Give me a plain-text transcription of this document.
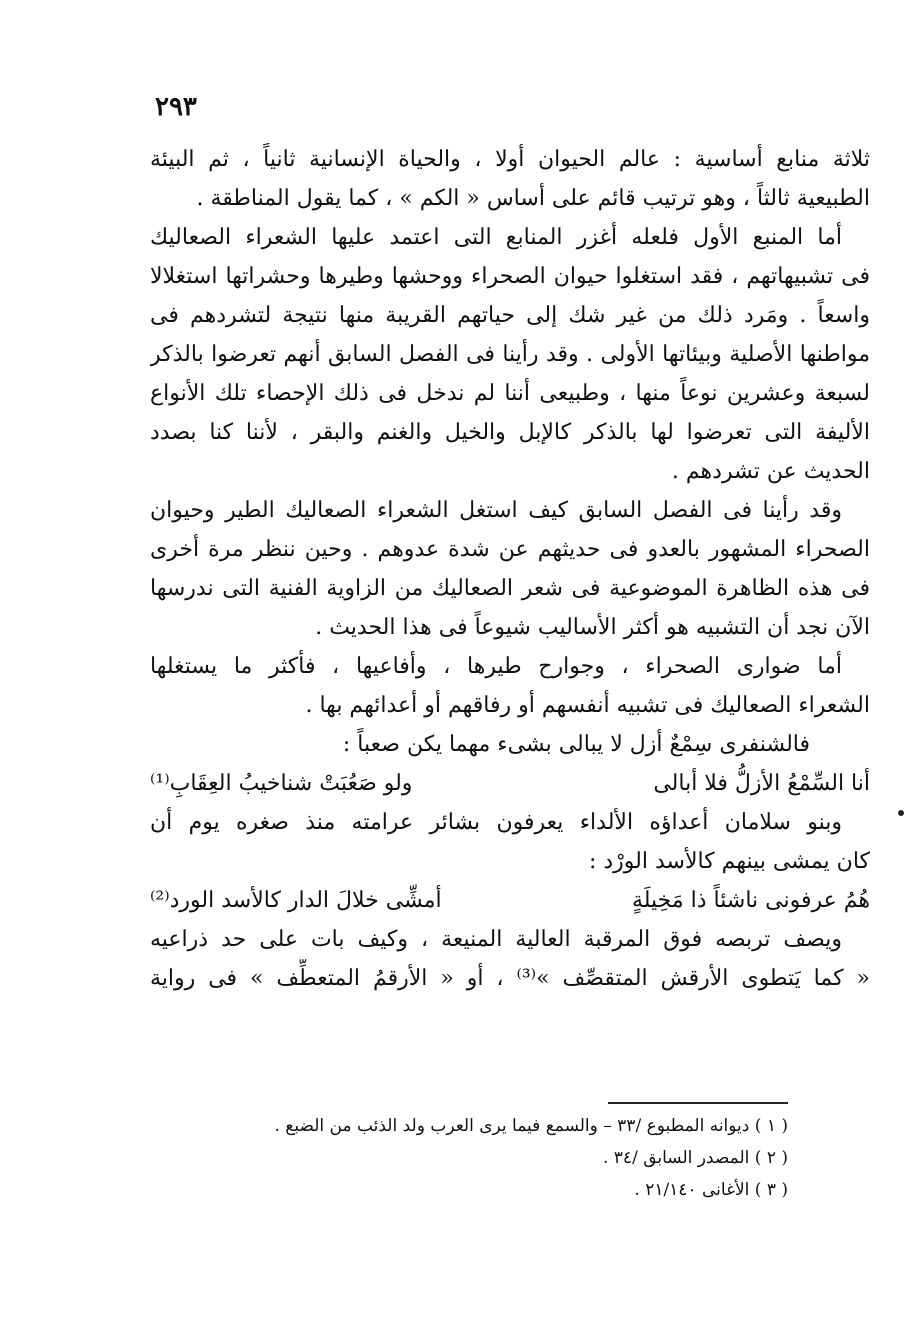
٢٩٣
ثلاثة منابع أساسية : عالم الحيوان أولا ، والحياة الإنسانية ثانياً ، ثم البيئة
الطبيعية ثالثاً ، وهو ترتيب قائم على أساس « الكم » ، كما يقول المناطقة .
أما المنبع الأول فلعله أغزر المنابع التى اعتمد عليها الشعراء الصعاليك
فى تشبيهاتهم ، فقد استغلوا حيوان الصحراء ووحشها وطيرها وحشراتها استغلالا
واسعاً . ومَرد ذلك من غير شك إلى حياتهم القريبة منها نتيجة لتشردهم فى
مواطنها الأصلية وبيئاتها الأولى . وقد رأينا فى الفصل السابق أنهم تعرضوا بالذكر
لسبعة وعشرين نوعاً منها ، وطبيعى أننا لم ندخل فى ذلك الإحصاء تلك الأنواع
الأليفة التى تعرضوا لها بالذكر كالإبل والخيل والغنم والبقر ، لأننا كنا بصدد
الحديث عن تشردهم .
وقد رأينا فى الفصل السابق كيف استغل الشعراء الصعاليك الطير وحيوان
الصحراء المشهور بالعدو فى حديثهم عن شدة عدوهم . وحين ننظر مرة أخرى
فى هذه الظاهرة الموضوعية فى شعر الصعاليك من الزاوية الفنية التى ندرسها
الآن نجد أن التشبيه هو أكثر الأساليب شيوعاً فى هذا الحديث .
أما ضوارى الصحراء ، وجوارح طيرها ، وأفاعيها ، فأكثر ما يستغلها
الشعراء الصعاليك فى تشبيه أنفسهم أو رفاقهم أو أعدائهم بها .
فالشنفرى سِمْعٌ أزل لا يبالى بشىء مهما يكن صعباً :
أنا السِّمْعُ الأزلُّ فلا أبالى
ولو صَعُبَتْ شناخيبُ العِقَابِ⁽¹⁾
وبنو سلامان أعداؤه الألداء يعرفون بشائر عرامته منذ صغره يوم أن
كان يمشى بينهم كالأسد الورْد :
هُمُ عرفونى ناشئاً ذا مَخِيلَةٍ
أمشِّى خلالَ الدار كالأسد الورد⁽²⁾
ويصف تربصه فوق المرقبة العالية المنيعة ، وكيف بات على حد ذراعيه
« كما يَتطوى الأرقش المتقصِّف »⁽³⁾ ، أو « الأرقمُ المتعطِّف » فى رواية
( ١ ) ديوانه المطبوع /٣٣ – والسمع فيما يرى العرب ولد الذئب من الضبع .
( ٢ ) المصدر السابق /٣٤ .
( ٣ ) الأغانى ٢١/١٤٠ .
